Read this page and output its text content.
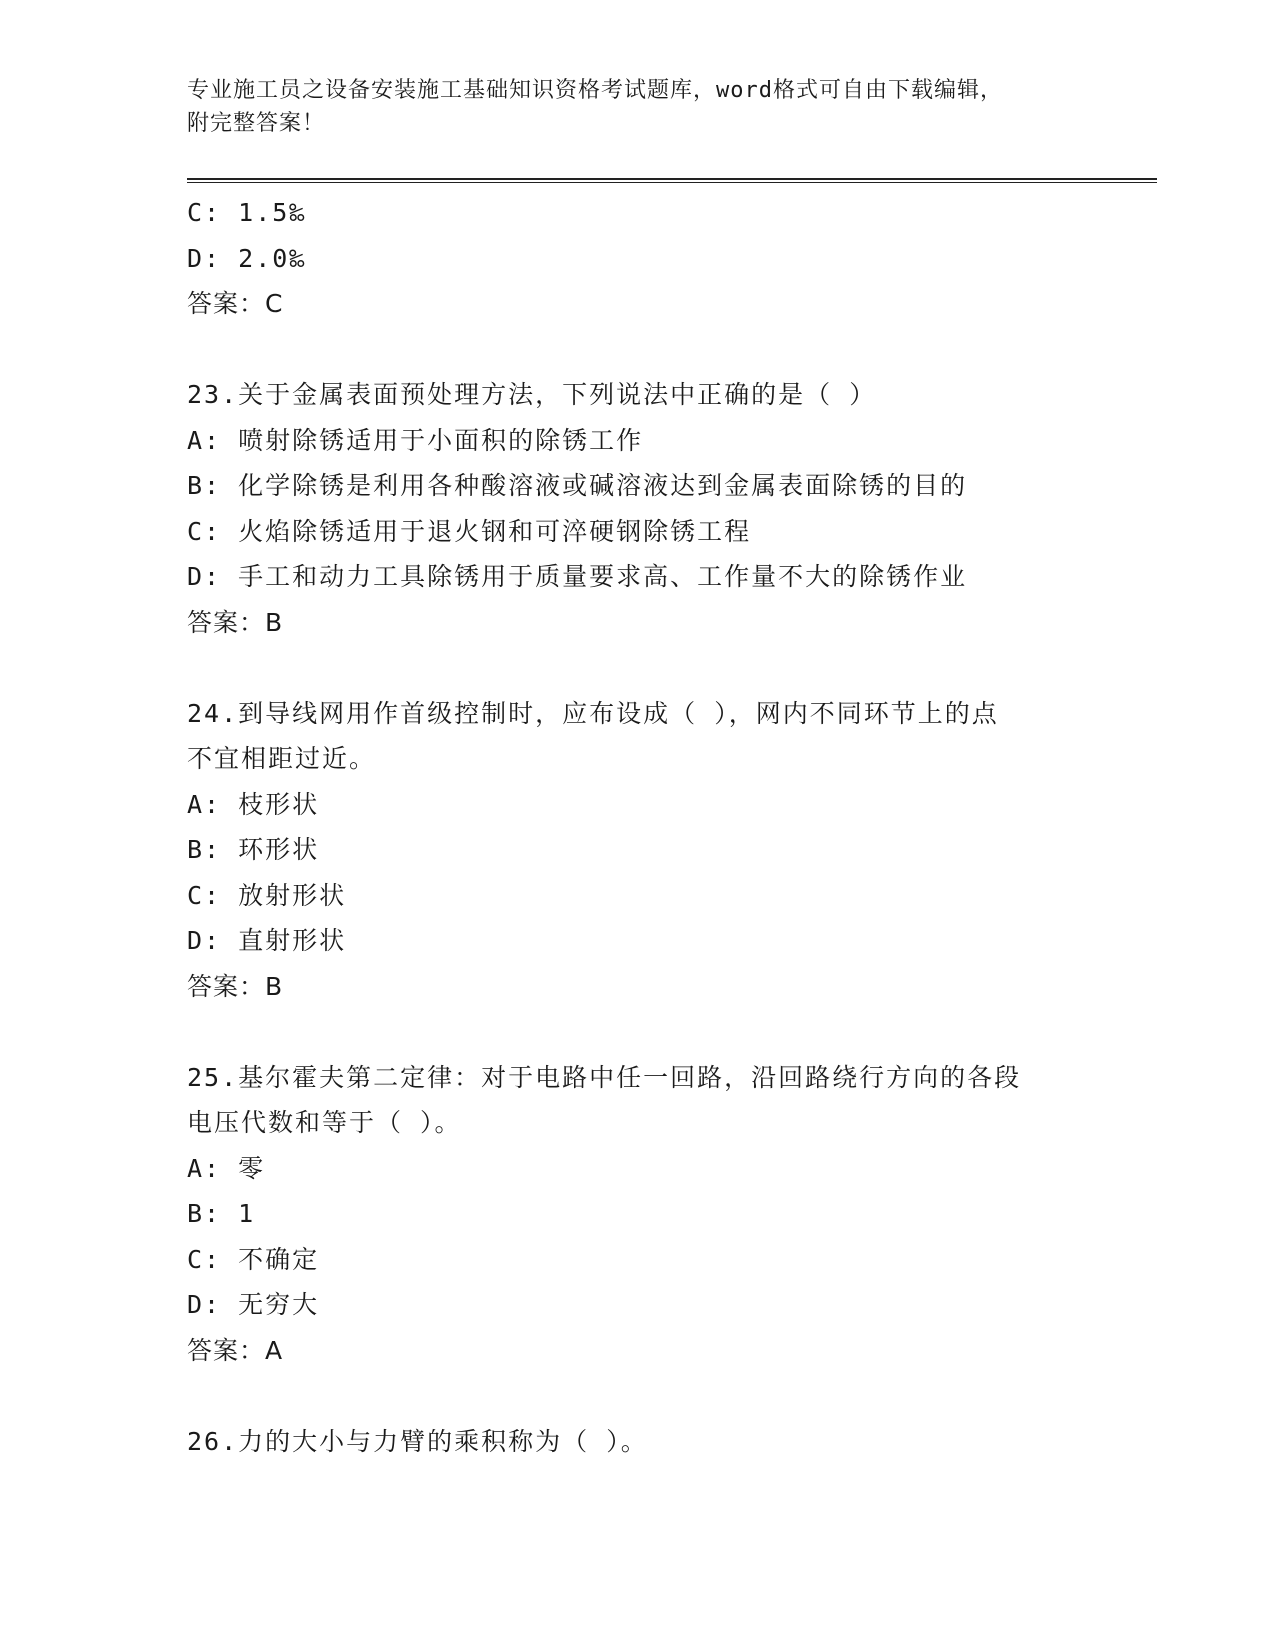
专业施工员之设备安装施工基础知识资格考试题库，word格式可自由下载编辑，
附完整答案！
C: 1.5‰
D: 2.0‰
答案：C
23.关于金属表面预处理方法，下列说法中正确的是（ ）
A: 喷射除锈适用于小面积的除锈工作
B: 化学除锈是利用各种酸溶液或碱溶液达到金属表面除锈的目的
C: 火焰除锈适用于退火钢和可淬硬钢除锈工程
D: 手工和动力工具除锈用于质量要求高、工作量不大的除锈作业
答案：B
24.到导线网用作首级控制时，应布设成（ ），网内不同环节上的点
不宜相距过近。
A: 枝形状
B: 环形状
C: 放射形状
D: 直射形状
答案：B
25.基尔霍夫第二定律：对于电路中任一回路，沿回路绕行方向的各段
电压代数和等于（ ）。
A: 零
B: 1
C: 不确定
D: 无穷大
答案：A
26.力的大小与力臂的乘积称为（ ）。
